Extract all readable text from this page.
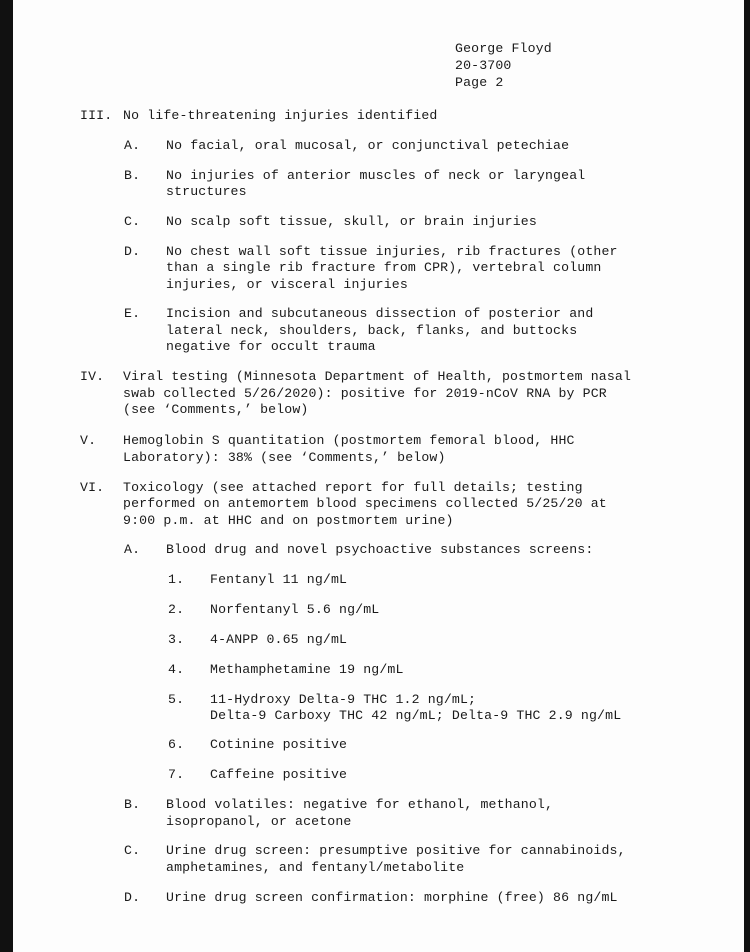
George Floyd
20-3700
Page 2
III. No life-threatening injuries identified
A. No facial, oral mucosal, or conjunctival petechiae
B. No injuries of anterior muscles of neck or laryngeal
structures
C. No scalp soft tissue, skull, or brain injuries
D. No chest wall soft tissue injuries, rib fractures (other
than a single rib fracture from CPR), vertebral column
injuries, or visceral injuries
E. Incision and subcutaneous dissection of posterior and
lateral neck, shoulders, back, flanks, and buttocks
negative for occult trauma
IV. Viral testing (Minnesota Department of Health, postmortem nasal
swab collected 5/26/2020): positive for 2019-nCoV RNA by PCR
(see ‘Comments,’ below)
V. Hemoglobin S quantitation (postmortem femoral blood, HHC
Laboratory): 38% (see ‘Comments,’ below)
VI. Toxicology (see attached report for full details; testing
performed on antemortem blood specimens collected 5/25/20 at
9:00 p.m. at HHC and on postmortem urine)
A. Blood drug and novel psychoactive substances screens:
1. Fentanyl 11 ng/mL
2. Norfentanyl 5.6 ng/mL
3. 4-ANPP 0.65 ng/mL
4. Methamphetamine 19 ng/mL
5. 11-Hydroxy Delta-9 THC 1.2 ng/mL;
Delta-9 Carboxy THC 42 ng/mL; Delta-9 THC 2.9 ng/mL
6. Cotinine positive
7. Caffeine positive
B. Blood volatiles: negative for ethanol, methanol,
isopropanol, or acetone
C. Urine drug screen: presumptive positive for cannabinoids,
amphetamines, and fentanyl/metabolite
D. Urine drug screen confirmation: morphine (free) 86 ng/mL
